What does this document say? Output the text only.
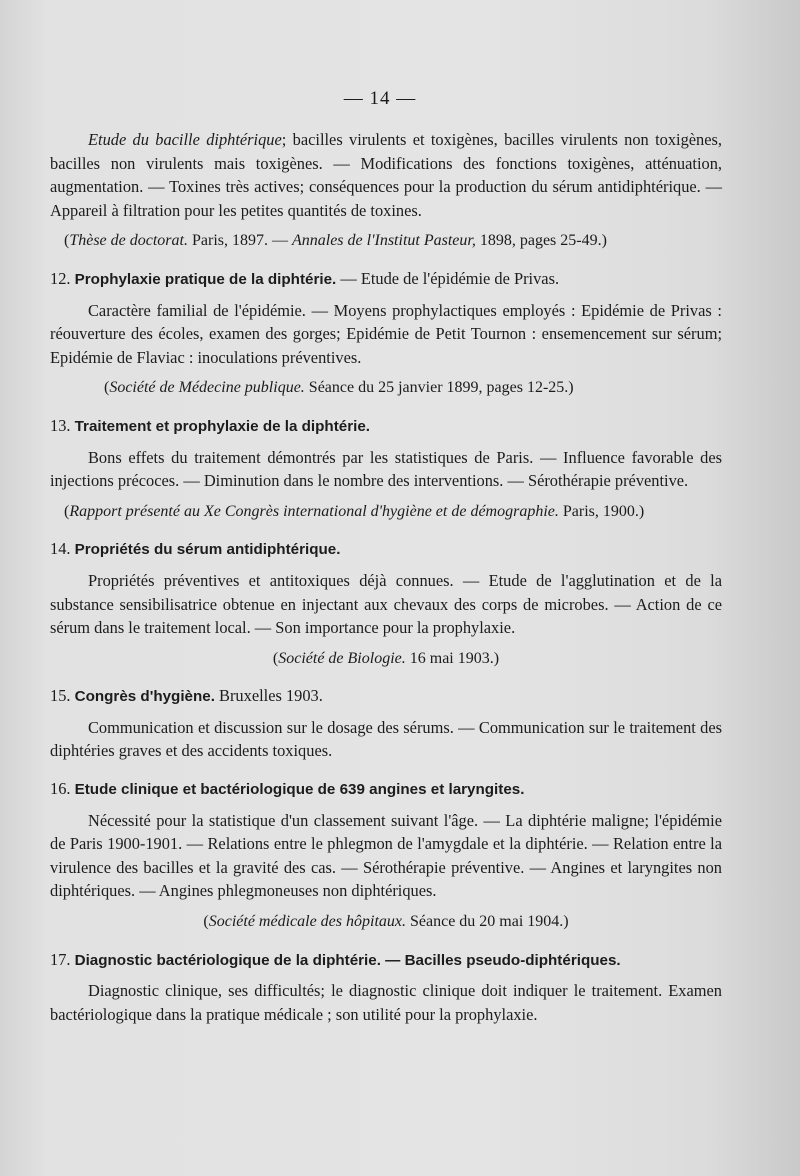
— 14 —

Etude du bacille diphtérique; bacilles virulents et toxigènes, bacilles virulents non toxigènes, bacilles non virulents mais toxigènes. — Modifications des fonctions toxigènes, atténuation, augmentation. — Toxines très actives; conséquences pour la production du sérum antidiphtérique. — Appareil à filtration pour les petites quantités de toxines.

(Thèse de doctorat. Paris, 1897. — Annales de l'Institut Pasteur, 1898, pages 25-49.)

12. Prophylaxie pratique de la diphtérie. — Etude de l'épidémie de Privas.

Caractère familial de l'épidémie. — Moyens prophylactiques employés : Epidémie de Privas : réouverture des écoles, examen des gorges; Epidémie de Petit Tournon : ensemencement sur sérum; Epidémie de Flaviac : inoculations préventives.

(Société de Médecine publique. Séance du 25 janvier 1899, pages 12-25.)

13. Traitement et prophylaxie de la diphtérie.

Bons effets du traitement démontrés par les statistiques de Paris. — Influence favorable des injections précoces. — Diminution dans le nombre des interventions. — Sérothérapie préventive.

(Rapport présenté au Xe Congrès international d'hygiène et de démographie. Paris, 1900.)

14. Propriétés du sérum antidiphtérique.

Propriétés préventives et antitoxiques déjà connues. — Etude de l'agglutination et de la substance sensibilisatrice obtenue en injectant aux chevaux des corps de microbes. — Action de ce sérum dans le traitement local. — Son importance pour la prophylaxie.

(Société de Biologie. 16 mai 1903.)

15. Congrès d'hygiène. Bruxelles 1903.

Communication et discussion sur le dosage des sérums. — Communication sur le traitement des diphtéries graves et des accidents toxiques.

16. Etude clinique et bactériologique de 639 angines et laryngites.

Nécessité pour la statistique d'un classement suivant l'âge. — La diphtérie maligne; l'épidémie de Paris 1900-1901. — Relations entre le phlegmon de l'amygdale et la diphtérie. — Relation entre la virulence des bacilles et la gravité des cas. — Sérothérapie préventive. — Angines et laryngites non diphtériques. — Angines phlegmoneuses non diphtériques.

(Société médicale des hôpitaux. Séance du 20 mai 1904.)

17. Diagnostic bactériologique de la diphtérie. — Bacilles pseudo-diphtériques.

Diagnostic clinique, ses difficultés; le diagnostic clinique doit indiquer le traitement. Examen bactériologique dans la pratique médicale ; son utilité pour la prophylaxie.
